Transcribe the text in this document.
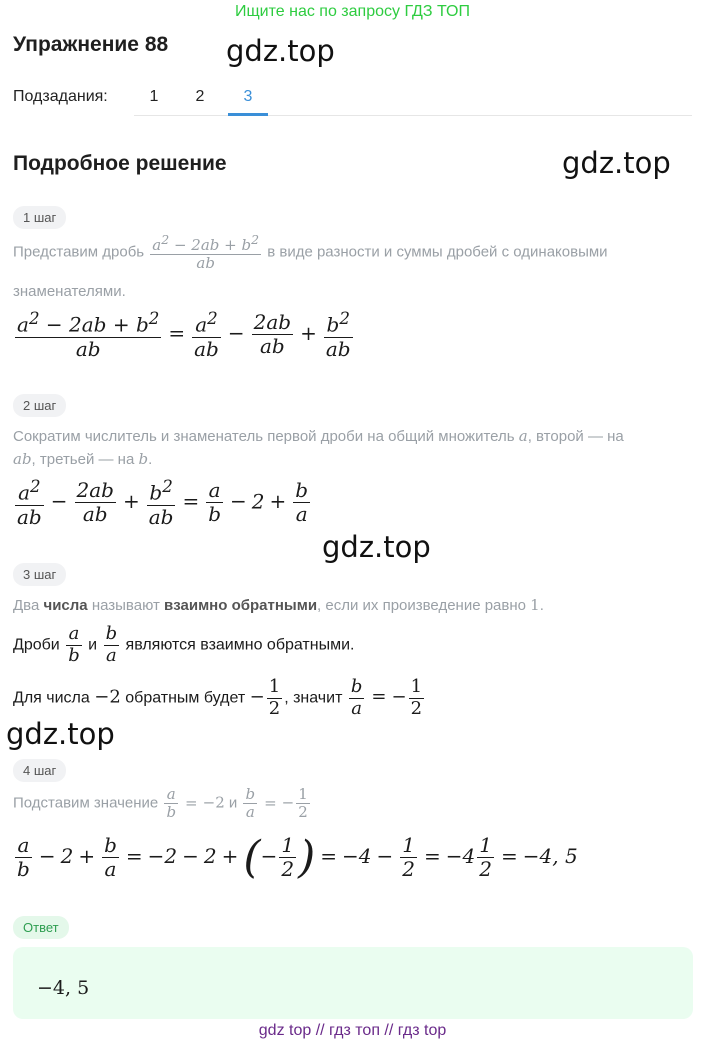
Ищите нас по запросу ГДЗ ТОП
Упражнение 88 gdz.top
Подзадания:	1	2	3
Подробное решение	gdz.top
1 шаг
Представим дробь $\frac{a^2 - 2ab + b^2}{ab}$ в виде разности и суммы дробей с одинаковыми
знаменателями.
$\frac{a^2 - 2ab + b^2}{ab} = \frac{a^2}{ab} - \frac{2ab}{ab} + \frac{b^2}{ab}$
2 шаг
Сократим числитель и знаменатель первой дроби на общий множитель a, второй — на
ab, третьей — на b.
$\frac{a^2}{ab} - \frac{2ab}{ab} + \frac{b^2}{ab} = \frac{a}{b} - 2 + \frac{b}{a}$
gdz.top
3 шаг
Два числа называют взаимно обратными, если их произведение равно 1.
Дроби $\frac{a}{b}$ и $\frac{b}{a}$ являются взаимно обратными.
Для числа −2 обратным будет − $\frac{1}{2}$ , значит $\frac{b}{a}$ = − $\frac{1}{2}$
gdz.top
4 шаг
Подставим значение $\frac{a}{b} = -2$ и $\frac{b}{a}$ = − $\frac{1}{2}$
$\frac{a}{b} - 2 + \frac{b}{a} = -2 - 2$ + (− $\frac{1}{2}$ ) = $-4 - \frac{1}{2} = -4 \frac{1}{2} = -4$, 5
Ответ
−4, 5
gdz top // гдз топ // гдз top
